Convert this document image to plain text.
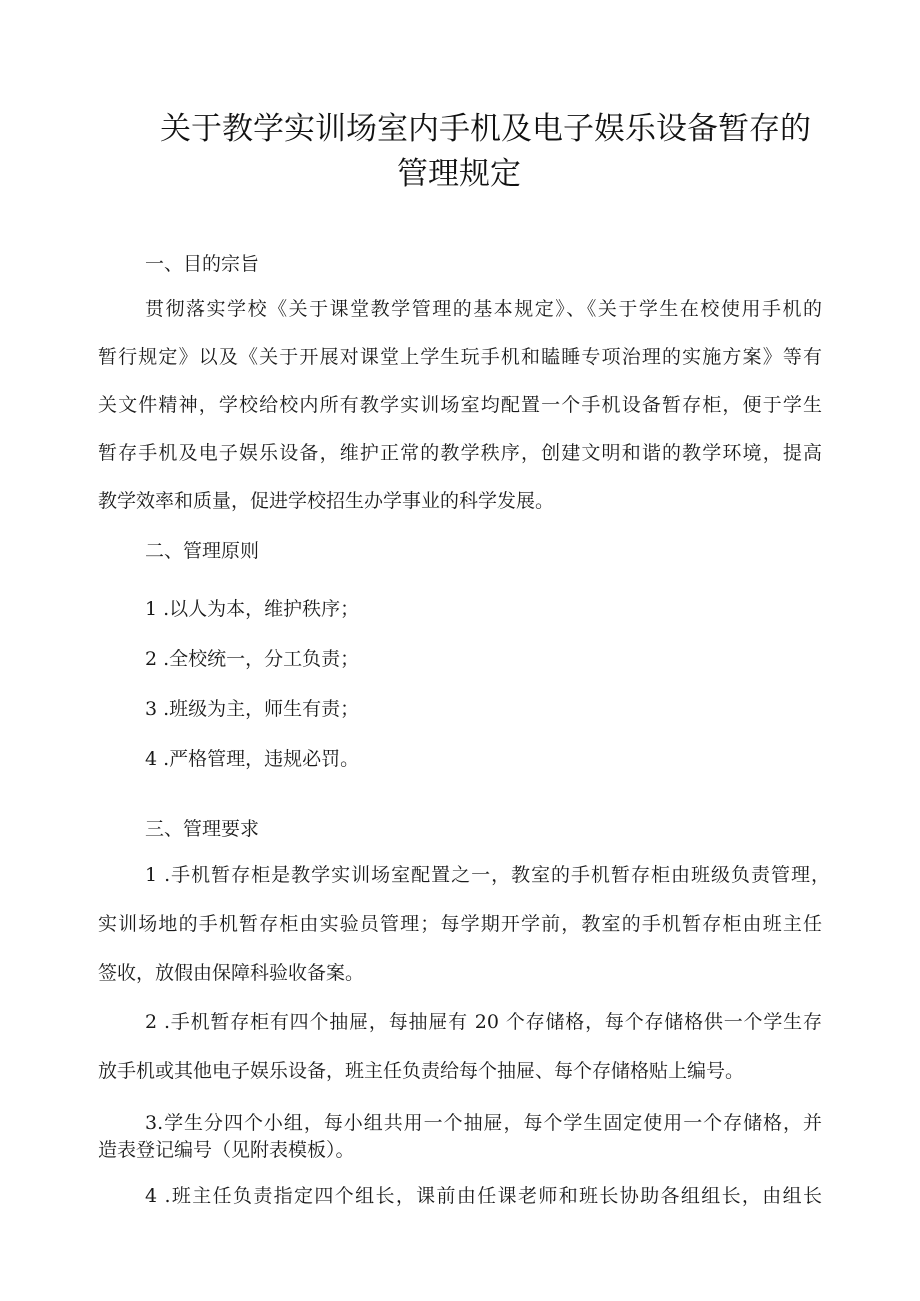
关于教学实训场室内手机及电子娱乐设备暂存的
管理规定
一、目的宗旨
贯彻落实学校《关于课堂教学管理的基本规定》、《关于学生在校使用手机的
暂行规定》以及《关于开展对课堂上学生玩手机和瞌睡专项治理的实施方案》等有
关文件精神，学校给校内所有教学实训场室均配置一个手机设备暂存柜，便于学生
暂存手机及电子娱乐设备，维护正常的教学秩序，创建文明和谐的教学环境，提高
教学效率和质量，促进学校招生办学事业的科学发展。
二、管理原则
1 .以人为本，维护秩序；
2 .全校统一，分工负责；
3 .班级为主，师生有责；
4 .严格管理，违规必罚。
三、管理要求
1 .手机暂存柜是教学实训场室配置之一，教室的手机暂存柜由班级负责管理，
实训场地的手机暂存柜由实验员管理；每学期开学前，教室的手机暂存柜由班主任
签收，放假由保障科验收备案。
2 .手机暂存柜有四个抽屉，每抽屉有 20 个存储格，每个存储格供一个学生存
放手机或其他电子娱乐设备，班主任负责给每个抽屉、每个存储格贴上编号。
3.学生分四个小组，每小组共用一个抽屉，每个学生固定使用一个存储格，并
造表登记编号（见附表模板）。
4 .班主任负责指定四个组长，课前由任课老师和班长协助各组组长，由组长
